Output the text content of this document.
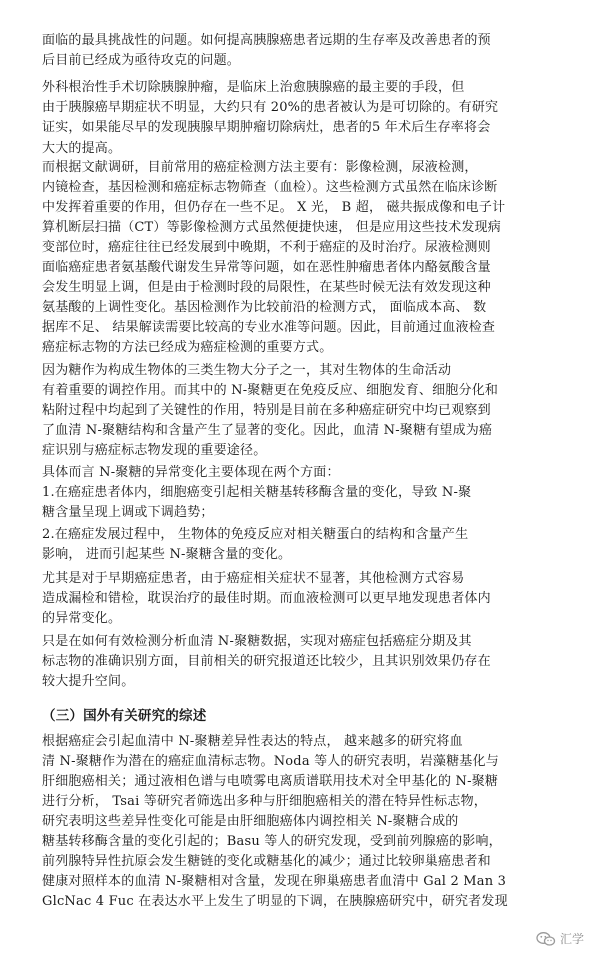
面临的最具挑战性的问题。如何提高胰腺癌患者远期的生存率及改善患者的预
后目前已经成为亟待攻克的问题。
外科根治性手术切除胰腺肿瘤，是临床上治愈胰腺癌的最主要的手段，但
由于胰腺癌早期症状不明显，大约只有 20%的患者被认为是可切除的。有研究
证实，如果能尽早的发现胰腺早期肿瘤切除病灶，患者的5 年术后生存率将会
大大的提高。
而根据文献调研，目前常用的癌症检测方法主要有：影像检测，尿液检测，
内镜检查，基因检测和癌症标志物筛查（血检）。这些检测方式虽然在临床诊断
中发挥着重要的作用，但仍存在一些不足。 X 光， B 超， 磁共振成像和电子计
算机断层扫描（CT）等影像检测方式虽然便捷快速， 但是应用这些技术发现病
变部位时，癌症往往已经发展到中晚期，不利于癌症的及时治疗。尿液检测则
面临癌症患者氨基酸代谢发生异常等问题，如在恶性肿瘤患者体内酪氨酸含量
会发生明显上调，但是由于检测时段的局限性，在某些时候无法有效发现这种
氨基酸的上调性变化。基因检测作为比较前沿的检测方式， 面临成本高、 数
据库不足、 结果解读需要比较高的专业水准等问题。因此，目前通过血液检查
癌症标志物的方法已经成为癌症检测的重要方式。
因为糖作为构成生物体的三类生物大分子之一，其对生物体的生命活动
有着重要的调控作用。而其中的 N-聚糖更在免疫反应、细胞发育、细胞分化和
粘附过程中均起到了关键性的作用，特别是目前在多种癌症研究中均已观察到
了血清 N-聚糖结构和含量产生了显著的变化。因此，血清 N-聚糖有望成为癌
症识别与癌症标志物发现的重要途径。
具体而言 N-聚糖的异常变化主要体现在两个方面：
1.在癌症患者体内，细胞癌变引起相关糖基转移酶含量的变化，导致 N-聚
糖含量呈现上调或下调趋势；
2.在癌症发展过程中， 生物体的免疫反应对相关糖蛋白的结构和含量产生
影响， 进而引起某些 N-聚糖含量的变化。
尤其是对于早期癌症患者，由于癌症相关症状不显著，其他检测方式容易
造成漏检和错检，耽误治疗的最佳时期。而血液检测可以更早地发现患者体内
的异常变化。
只是在如何有效检测分析血清 N-聚糖数据，实现对癌症包括癌症分期及其
标志物的准确识别方面，目前相关的研究报道还比较少，且其识别效果仍存在
较大提升空间。
（三）国外有关研究的综述
根据癌症会引起血清中 N-聚糖差异性表达的特点， 越来越多的研究将血
清 N-聚糖作为潜在的癌症血清标志物。Noda 等人的研究表明，岩藻糖基化与
肝细胞癌相关；通过液相色谱与电喷雾电离质谱联用技术对全甲基化的 N-聚糖
进行分析， Tsai 等研究者筛选出多种与肝细胞癌相关的潜在特异性标志物，
研究表明这些差异性变化可能是由肝细胞癌体内调控相关 N-聚糖合成的
糖基转移酶含量的变化引起的；Basu 等人的研究发现，受到前列腺癌的影响，
前列腺特异性抗原会发生糖链的变化或糖基化的减少；通过比较卵巢癌患者和
健康对照样本的血清 N-聚糖相对含量，发现在卵巢癌患者血清中 Gal 2 Man 3
GlcNac 4 Fuc 在表达水平上发生了明显的下调，在胰腺癌研究中，研究者发现
汇学
